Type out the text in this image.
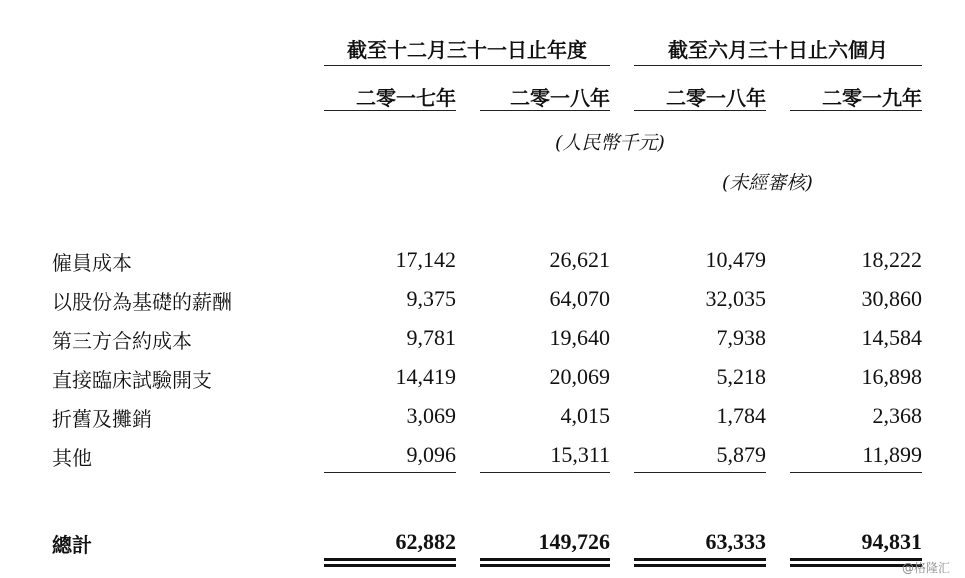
截至十二月三十一日止年度	截至六月三十日止六個月
二零一七年	二零一八年	二零一八年	二零一九年
(人民幣千元)
(未經審核)
僱員成本	17,142	26,621	10,479	18,222
以股份為基礎的薪酬	9,375	64,070	32,035	30,860
第三方合約成本	9,781	19,640	7,938	14,584
直接臨床試驗開支	14,419	20,069	5,218	16,898
折舊及攤銷	3,069	4,015	1,784	2,368
其他	9,096	15,311	5,879	11,899
總計	62,882	149,726	63,333	94,831
@格隆汇
